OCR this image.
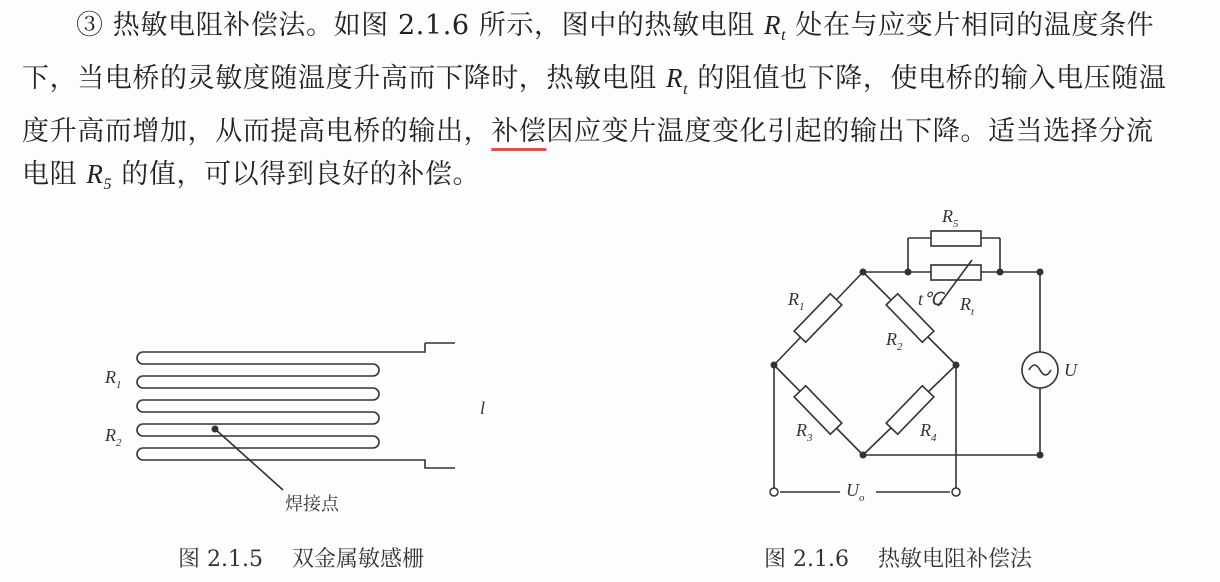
③ 热敏电阻补偿法。如图 2.1.6 所示，图中的热敏电阻 $R_t$ 处在与应变片相同的温度条件
下，当电桥的灵敏度随温度升高而下降时，热敏电阻 $R_t$ 的阻值也下降，使电桥的输入电压随温
度升高而增加，从而提高电桥的输出，补偿因应变片温度变化引起的输出下降。适当选择分流
电阻 $R_5$ 的值，可以得到良好的补偿。
$R_1$
$R_2$
l
焊接点
图 2.1.5　 双金属敏感栅
$R_5$
t℃ $R_t$
$R_1$
$R_2$
$R_3$	$R_4$
U
$U_o$
图 2.1.6　 热敏电阻补偿法
